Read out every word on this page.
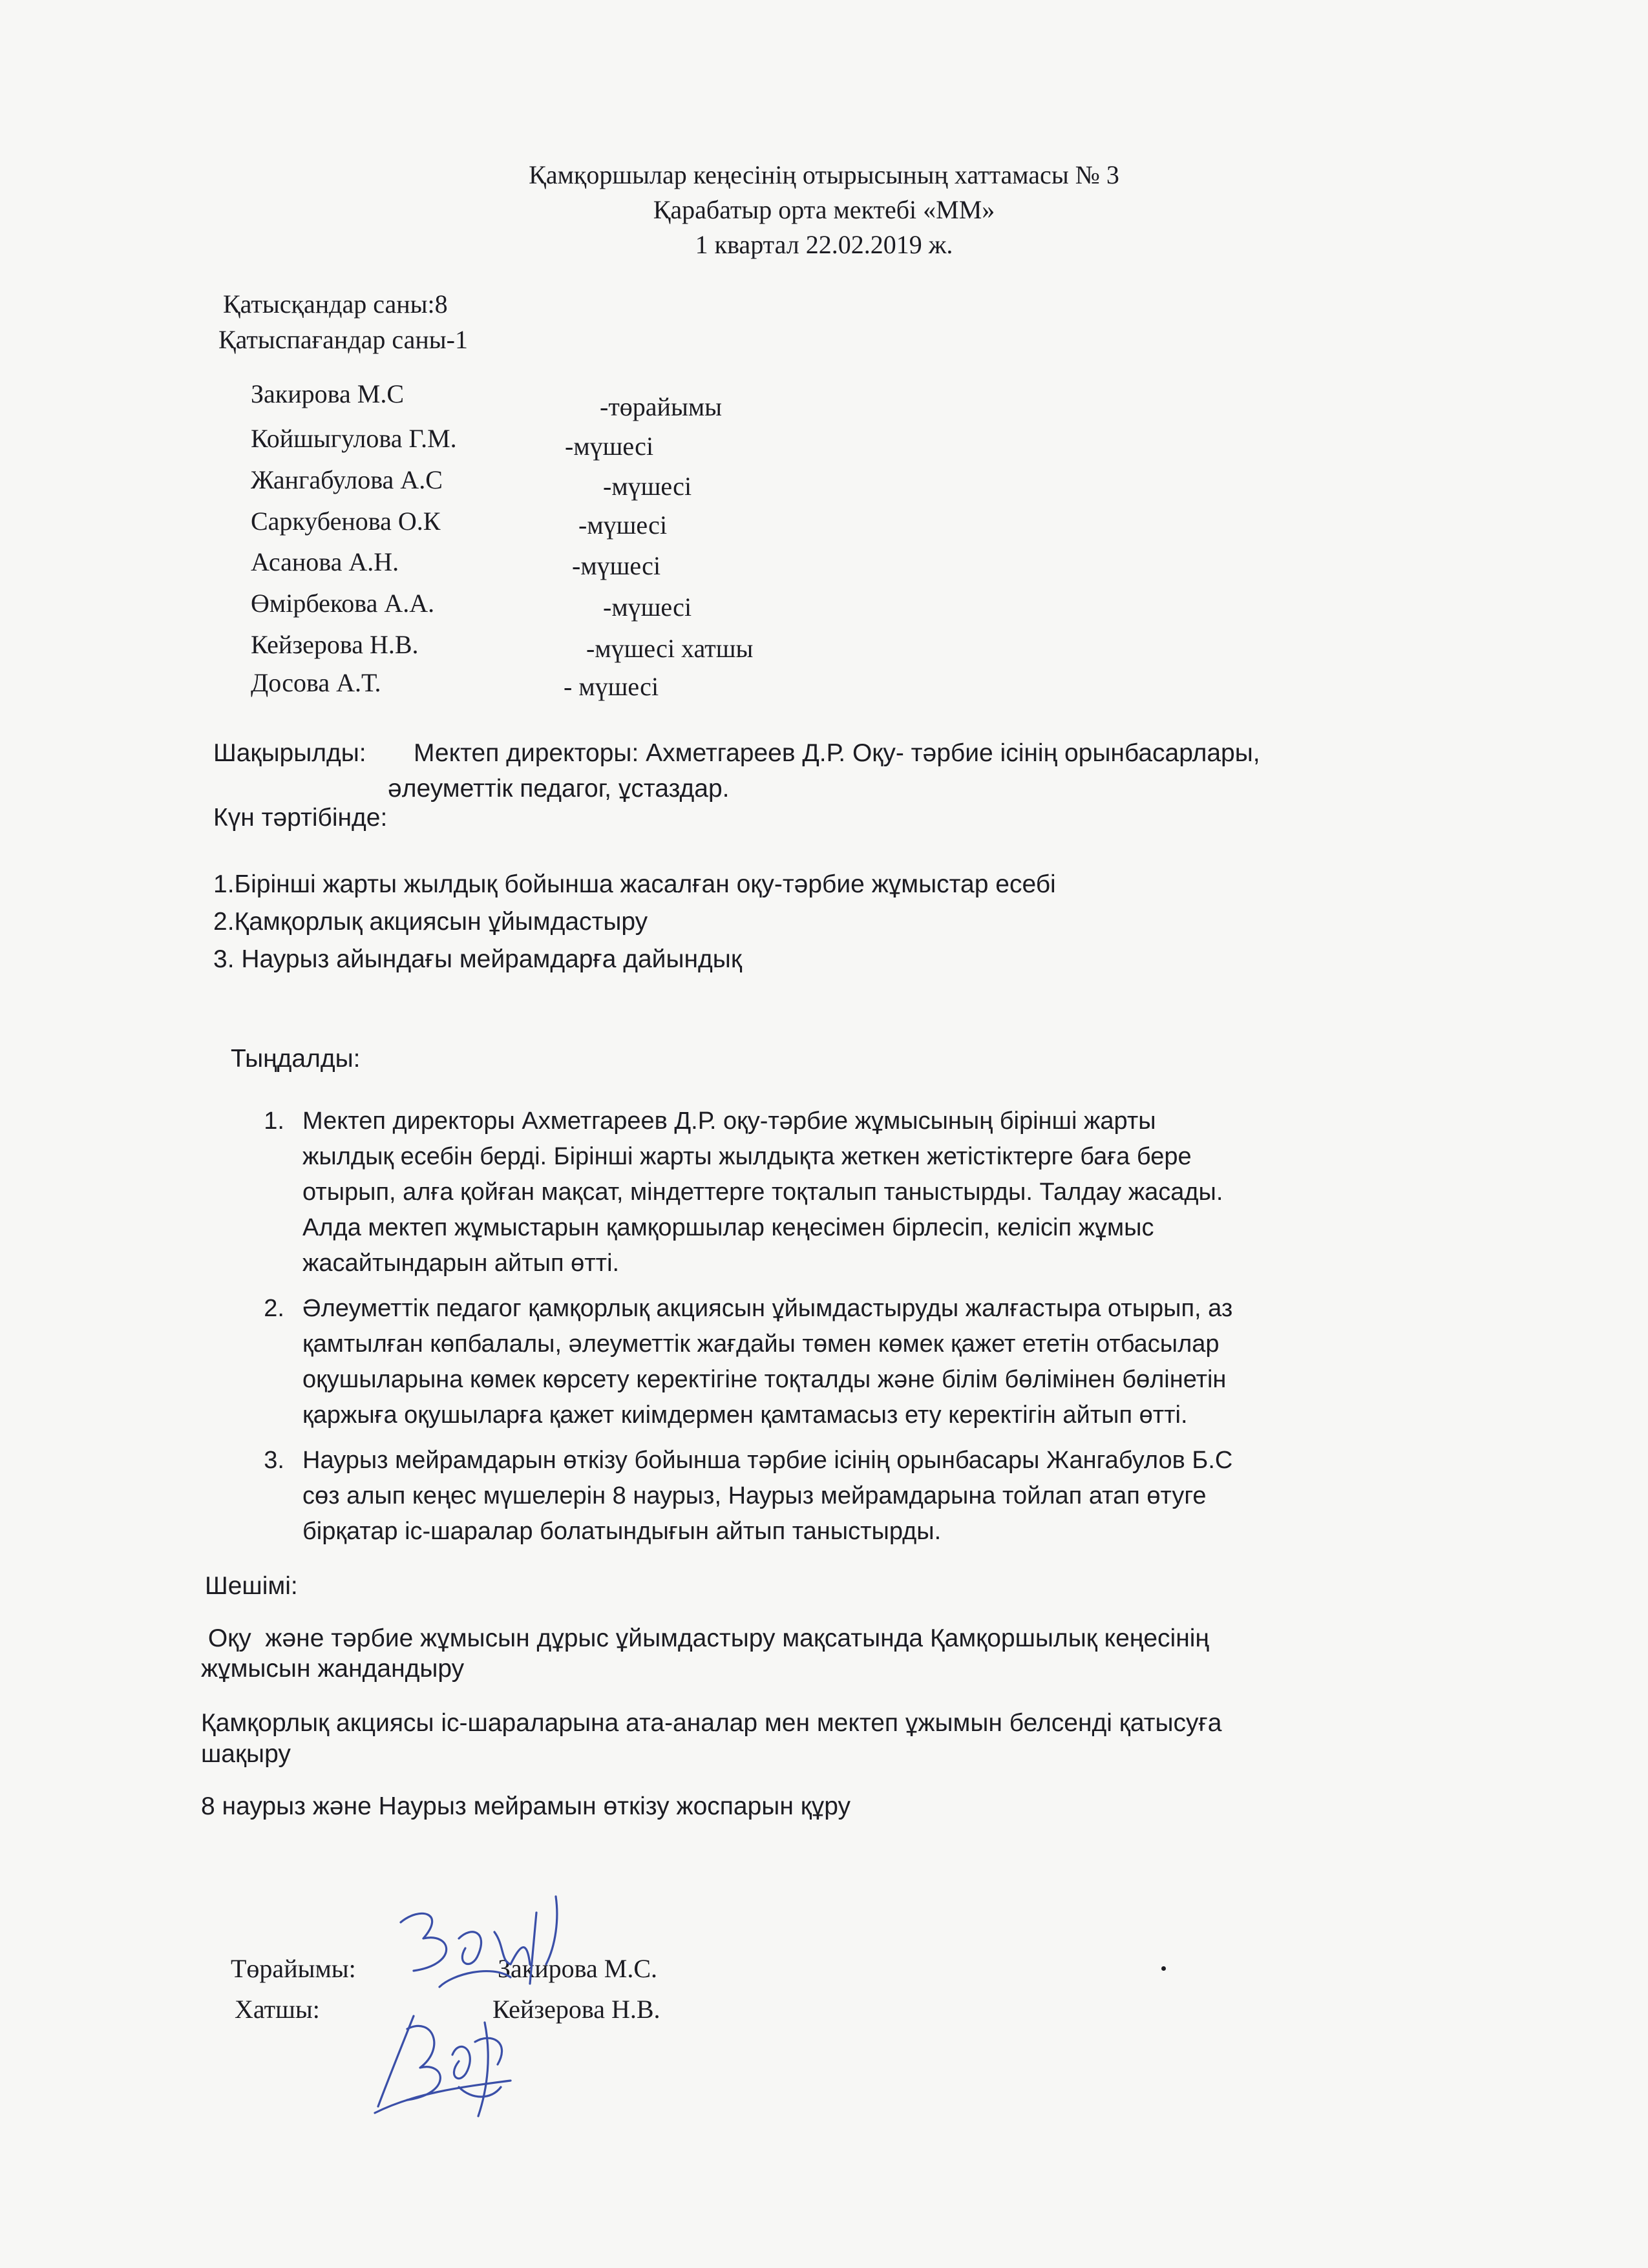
Қамқоршылар кеңесінің отырысының хаттамасы № 3
Қарабатыр орта мектебі «ММ»
1 квартал 22.02.2019 ж.
Қатысқандар саны:8
Қатыспағандар саны-1
Закирова М.С	-төрайымы
Койшыгулова Г.М.	-мүшесі
Жангабулова А.С	-мүшесі
Саркубенова О.К	-мүшесі
Асанова А.Н.	-мүшесі
Өмірбекова А.А.	-мүшесі
Кейзерова Н.В.	-мүшесі хатшы
Досова А.Т.	- мүшесі
Шақырылды: Мектеп директоры: Ахметгареев Д.Р. Оқу- тәрбие ісінің орынбасарлары,
әлеуметтік педагог, ұстаздар.
Күн тәртібінде:
1.Бірінші жарты жылдық бойынша жасалған оқу-тәрбие жұмыстар есебі
2.Қамқорлық акциясын ұйымдастыру
3. Наурыз айындағы мейрамдарға дайындық
Тыңдалды:
1. Мектеп директоры Ахметгареев Д.Р. оқу-тәрбие жұмысының бірінші жарты
жылдық есебін берді. Бірінші жарты жылдықта жеткен жетістіктерге баға бере
отырып, алға қойған мақсат, міндеттерге тоқталып таныстырды. Талдау жасады.
Алда мектеп жұмыстарын қамқоршылар кеңесімен бірлесіп, келісіп жұмыс
жасайтындарын айтып өтті.
2. Әлеуметтік педагог қамқорлық акциясын ұйымдастыруды жалғастыра отырып, аз
қамтылған көпбалалы, әлеуметтік жағдайы төмен көмек қажет ететін отбасылар
оқушыларына көмек көрсету керектігіне тоқталды және білім бөлімінен бөлінетін
қаржыға оқушыларға қажет киімдермен қамтамасыз ету керектігін айтып өтті.
3. Наурыз мейрамдарын өткізу бойынша тәрбие ісінің орынбасары Жангабулов Б.С
сөз алып кеңес мүшелерін 8 наурыз, Наурыз мейрамдарына тойлап атап өтуге
бірқатар іс-шаралар болатындығын айтып таныстырды.
Шешімі:
Оқу  және тәрбие жұмысын дұрыс ұйымдастыру мақсатында Қамқоршылық кеңесінің
жұмысын жандандыру
Қамқорлық акциясы іс-шараларына ата-аналар мен мектеп ұжымын белсенді қатысуға
шақыру
8 наурыз және Наурыз мейрамын өткізу жоспарын құру
Төрайымы:	Закирова М.С.
Хатшы:	Кейзерова Н.В.
